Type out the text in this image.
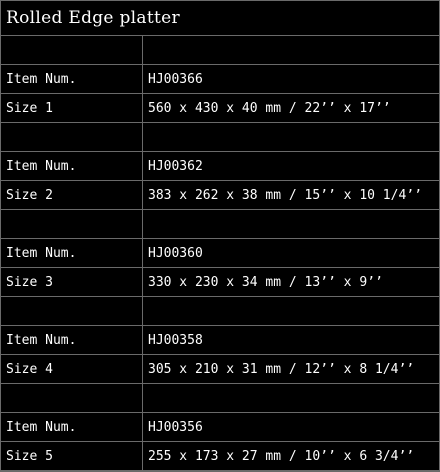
Rolled Edge platter

Item Num.	HJ00366
Size 1	560 x 430 x 40 mm / 22’’ x 17’’

Item Num.	HJ00362
Size 2	383 x 262 x 38 mm / 15’’ x 10 1/4’’

Item Num.	HJ00360
Size 3	330 x 230 x 34 mm / 13’’ x 9’’

Item Num.	HJ00358
Size 4	305 x 210 x 31 mm / 12’’ x 8 1/4’’

Item Num.	HJ00356
Size 5	255 x 173 x 27 mm / 10’’ x 6 3/4’’
